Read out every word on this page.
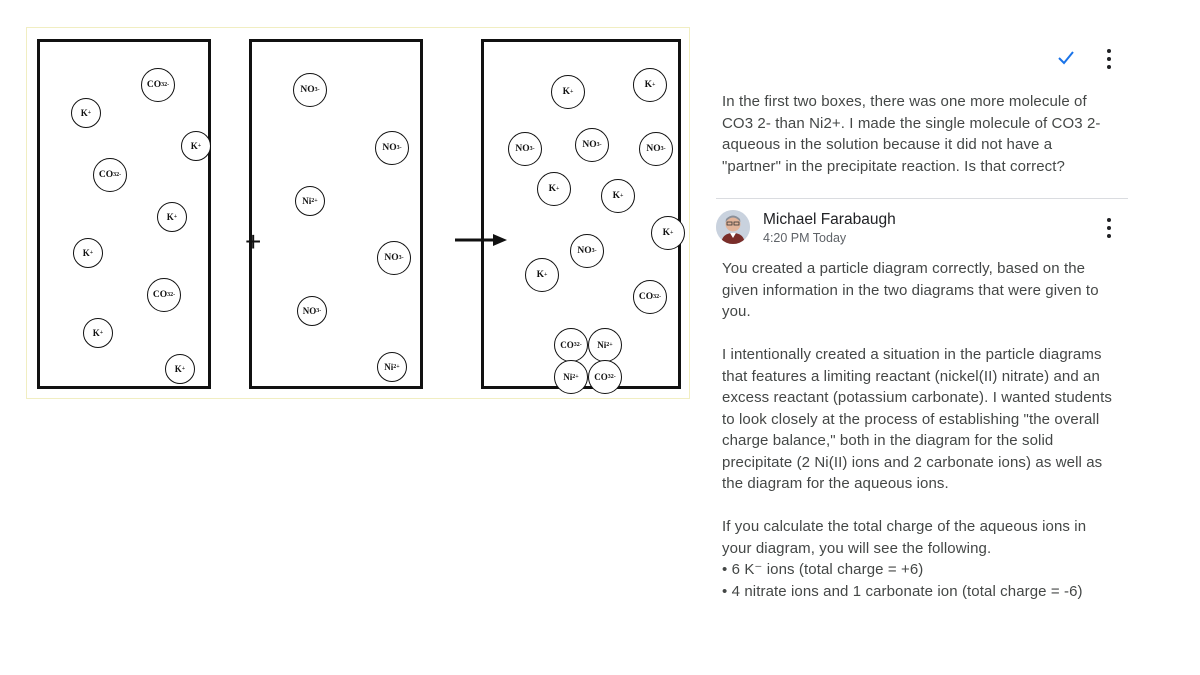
+
CO 3 2-
K +
K +
CO 3 2-
K +
K +
CO 3 2-
K +
K +
NO 3 -
NO 3 -
Ni 2+
NO 3 -
NO 3 -
Ni 2+
K +
K +
NO 3 -	NO 3 -	NO 3 -
K +
K +
K +
NO 3 -
K +
CO 3 2-
CO 3 2- Ni 2+
Ni 2+ CO 3 2-

In the first two boxes, there was one more molecule of CO3 2- than Ni2+. I made the single molecule of CO3 2- aqueous in the solution because it did not have a "partner" in the precipitate reaction. Is that correct?

Michael Farabaugh
4:20 PM Today

You created a particle diagram correctly, based on the given information in the two diagrams that were given to you.

I intentionally created a situation in the particle diagrams that features a limiting reactant (nickel(II) nitrate) and an excess reactant (potassium carbonate). I wanted students to look closely at the process of establishing "the overall charge balance," both in the diagram for the solid precipitate (2 Ni(II) ions and 2 carbonate ions) as well as the diagram for the aqueous ions.

If you calculate the total charge of the aqueous ions in your diagram, you will see the following.

• 6 K⁻ ions (total charge = +6)

• 4 nitrate ions and 1 carbonate ion (total charge = -6)
